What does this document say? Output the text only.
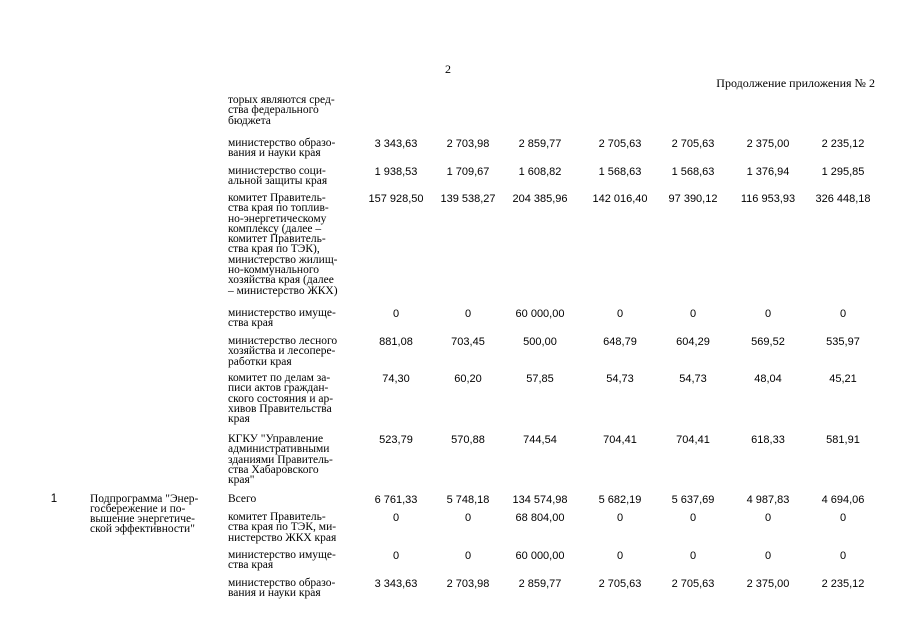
2
Продолжение приложения № 2
торых являются сред-
ства федерального
бюджета
министерство образо-
вания и науки края
3 343,63	2 703,98	2 859,77	2 705,63	2 705,63	2 375,00	2 235,12
министерство соци-
альной защиты края
1 938,53	1 709,67	1 608,82	1 568,63	1 568,63	1 376,94	1 295,85
комитет Правитель-
ства края по топлив-
но-энергетическому
комплексу (далее –
комитет Правитель-
ства края по ТЭК),
министерство жилищ-
но-коммунального
хозяйства края (далее
– министерство ЖКХ)
157 928,50	139 538,27	204 385,96	142 016,40	97 390,12	116 953,93	326 448,18
министерство имуще-
ства края
0	0	60 000,00	0	0	0	0
министерство лесного
хозяйства и лесопере-
работки края
881,08	703,45	500,00	648,79	604,29	569,52	535,97
комитет по делам за-
писи актов граждан-
ского состояния и ар-
хивов Правительства
края
74,30	60,20	57,85	54,73	54,73	48,04	45,21
КГКУ "Управление
административными
зданиями Правитель-
ства Хабаровского
края"
523,79	570,88	744,54	704,41	704,41	618,33	581,91
1	Подпрограмма "Энер-
госбережение и по-
вышение энергетиче-
ской эффективности"
Всего	6 761,33	5 748,18	134 574,98	5 682,19	5 637,69	4 987,83	4 694,06
комитет Правитель-
ства края по ТЭК, ми-
нистерство ЖКХ края
0	0	68 804,00	0	0	0	0
министерство имуще-
ства края
0	0	60 000,00	0	0	0	0
министерство образо-
вания и науки края
3 343,63	2 703,98	2 859,77	2 705,63	2 705,63	2 375,00	2 235,12
